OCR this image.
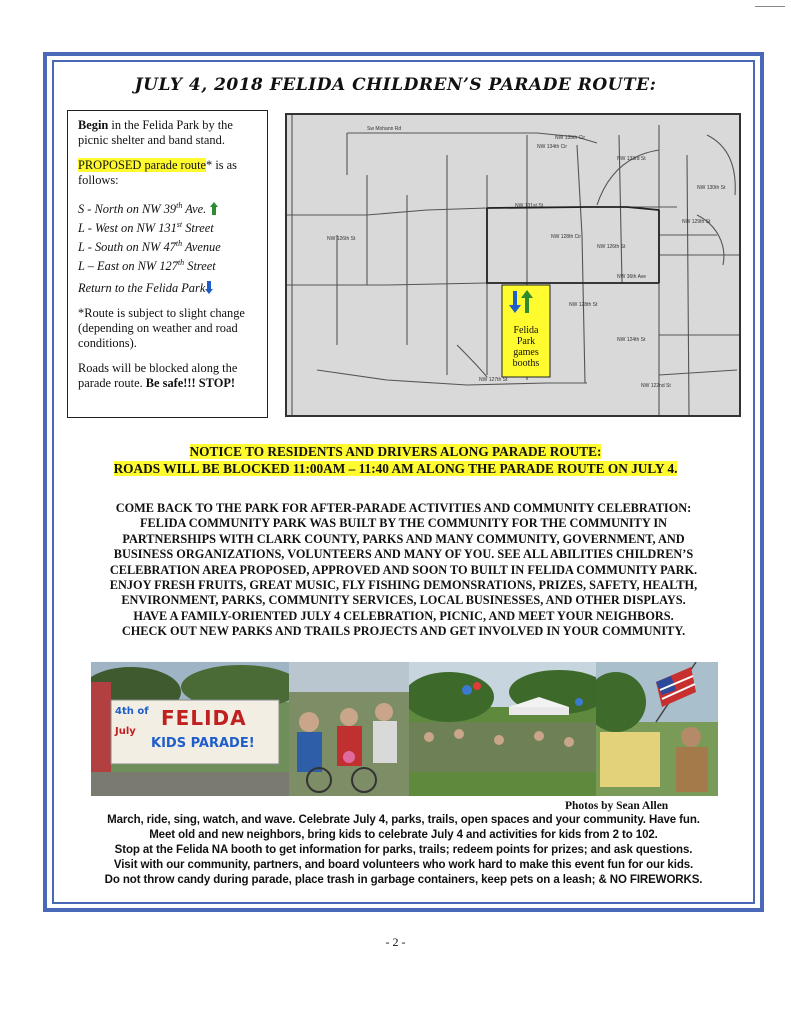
JULY 4, 2018 FELIDA CHILDREN’S PARADE ROUTE:

Begin in the Felida Park by the picnic shelter and band stand.

PROPOSED parade route* is as follows:

S - North on NW 39th Ave.
L - West on NW 131st Street
L - South on NW 47th Avenue
L – East on NW 127th Street

Return to the Felida Park

*Route is subject to slight change (depending on weather and road conditions).

Roads will be blocked along the parade route. Be safe!!! STOP!

Felida
Park
games
booths
Sw Mohann Rd
NW 135th Cir
NW 134th Cir
NW 133rd St
NW 131st St
NW 128th Cir
NW 126th St
NW 128th St
NW 127th St
NW 124th St
NW 122nd St
NW 126th St
NW 36th Ave
NW 129th St
NW 130th St
NOTICE TO RESIDENTS AND DRIVERS ALONG PARADE ROUTE:
ROADS WILL BE BLOCKED 11:00AM – 11:40 AM ALONG THE PARADE ROUTE ON JULY 4.
COME BACK TO THE PARK FOR AFTER-PARADE ACTIVITIES AND COMMUNITY CELEBRATION:
FELIDA COMMUNITY PARK WAS BUILT BY THE COMMUNITY FOR THE COMMUNITY IN
PARTNERSHIPS WITH CLARK COUNTY, PARKS AND MANY COMMUNITY, GOVERNMENT, AND
BUSINESS ORGANIZATIONS, VOLUNTEERS AND MANY OF YOU. SEE ALL ABILITIES CHILDREN’S
CELEBRATION AREA PROPOSED, APPROVED AND SOON TO BUILT IN FELIDA COMMUNITY PARK.
ENJOY FRESH FRUITS, GREAT MUSIC, FLY FISHING DEMONSRATIONS, PRIZES, SAFETY, HEALTH,
ENVIRONMENT, PARKS, COMMUNITY SERVICES, LOCAL BUSINESSES, AND OTHER DISPLAYS.
HAVE A FAMILY-ORIENTED JULY 4 CELEBRATION, PICNIC, AND MEET YOUR NEIGHBORS.
CHECK OUT NEW PARKS AND TRAILS PROJECTS AND GET INVOLVED IN YOUR COMMUNITY.
4th of
July
FELIDA
KIDS PARADE!
Photos by Sean Allen
March, ride, sing, watch, and wave. Celebrate July 4, parks, trails, open spaces and your community. Have fun.
Meet old and new neighbors, bring kids to celebrate July 4 and activities for kids from 2 to 102.
Stop at the Felida NA booth to get information for parks, trails; redeem points for prizes; and ask questions.
Visit with our community, partners, and board volunteers who work hard to make this event fun for our kids.
Do not throw candy during parade, place trash in garbage containers, keep pets on a leash; & NO FIREWORKS.
- 2 -
